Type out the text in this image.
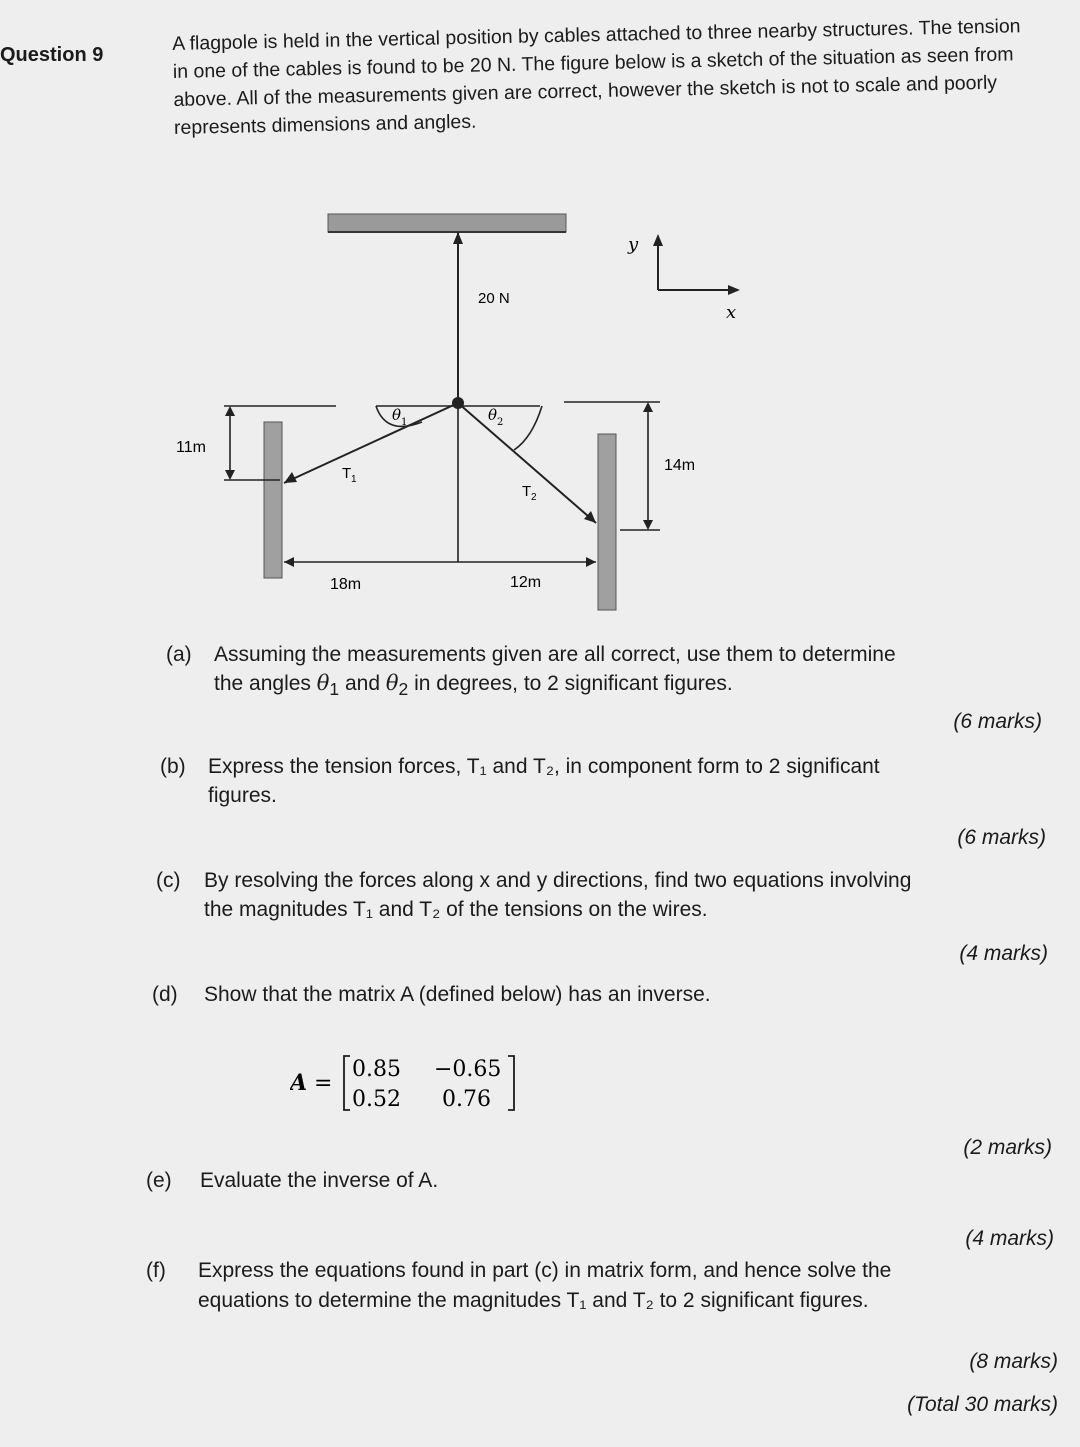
Question 9
A flagpole is held in the vertical position by cables attached to three nearby structures. The tension in one of the cables is found to be 20 N. The figure below is a sketch of the situation as seen from above. All of the measurements given are correct, however the sketch is not to scale and poorly represents dimensions and angles.
20 N
y
x
θ 1	θ 2
T 1
T 2
11m
14m
18m	12m
(a) Assuming the measurements given are all correct, use them to determine
the angles $\theta_1$ and $\theta_2$ in degrees, to 2 significant figures.
(6 marks)
(b) Express the tension forces, T₁ and T₂, in component form to 2 significant
figures.
(6 marks)
(c) By resolving the forces along x and y directions, find two equations involving
the magnitudes T₁ and T₂ of the tensions on the wires.
(4 marks)
(d) Show that the matrix A (defined below) has an inverse.
A =
0.85 −0.65
0.52 0.76
(2 marks)
(e) Evaluate the inverse of A.
(4 marks)
(f) Express the equations found in part (c) in matrix form, and hence solve the
equations to determine the magnitudes T₁ and T₂ to 2 significant figures.
(8 marks)
(Total 30 marks)
